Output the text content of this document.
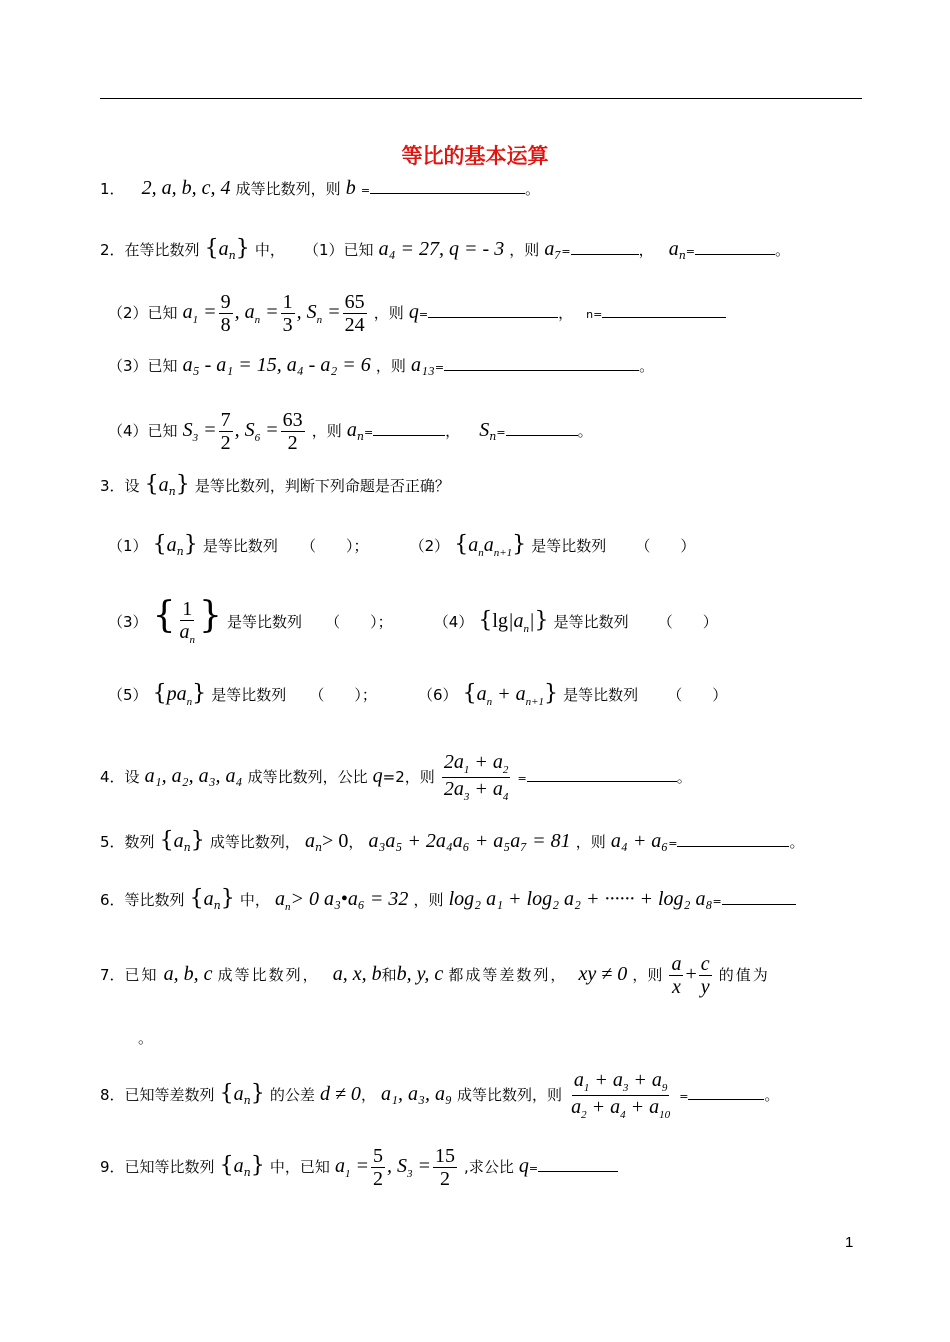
等比的基本运算
1． 2, a, b, c, 4 成等比数列，则 b =	。
2．在等比数列 $\{a_n\}$ 中， （1）已知 a₄ = 27, q = - 3 ，则 a₇=	， $a_n=$	。
（2）已知 $a_1 = \frac{9}{8}$ , $a_n = \frac{1}{3}$ , $S_n = \frac{65}{24}$ ，则 q=	， n=
（3）已知 a₅ - a₁ = 15, a₄ - a₂ = 6 ，则 a₁₃=	。
（4）已知 $S_3 = \frac{7}{2}$ , $S_6 = \frac{63}{2}$ ，则 $a_n=$	， $S_n=$	。
3．设 $\{a_n\}$ 是等比数列，判断下列命题是否正确？
（1） $\{a_n\}$ 是等比数列 （　　）；	（2） $\{a_na_{n+1}\}$ 是等比数列 （　　）
（3） { $\frac{1}{a_n}$ } 是等比数列 （　　）；	（4） $\{\lg|a_n|\}$ 是等比数列 （　　）
（5） $\{pa_n\}$ 是等比数列 （　　）；	（6） $\{a_n + a_{n+1}\}$ 是等比数列 （　　）
4．设 a₁, a₂, a₃, a₄ 成等比数列，公比 q=2，则 $\frac{2a_1 + a_2}{2a_3 + a_4}$ =	。
5．数列 $\{a_n\}$ 成等比数列， $a_n> 0$， a₃a₅ + 2a₄a₆ + a₅a₇ = 81 ，则 a₄ + a₆=	。
6．等比数列 $\{a_n\}$ 中， $a_n> 0$ a₃•a₆ = 32 ，则 log₂ a₁ + log₂ a₂ + ······ + log₂ a₈=
7．已知 a, b, c 成等比数列， a, x, b和b, y, c 都成等差数列， xy ≠ 0 ，则 $\frac{a}{x} + \frac{c}{y}$ 的值为
。
8．已知等差数列 $\{a_n\}$ 的公差 d ≠ 0， a₁, a₃, a₉ 成等比数列，则 $\frac{a_1 + a_3 + a_9}{a_2 + a_4 + a_{10}}$ =	。
9．已知等比数列 $\{a_n\}$ 中，已知 $a_1 = \frac{5}{2}$ , $S_3 = \frac{15}{2}$ ,求公比 q=
1
